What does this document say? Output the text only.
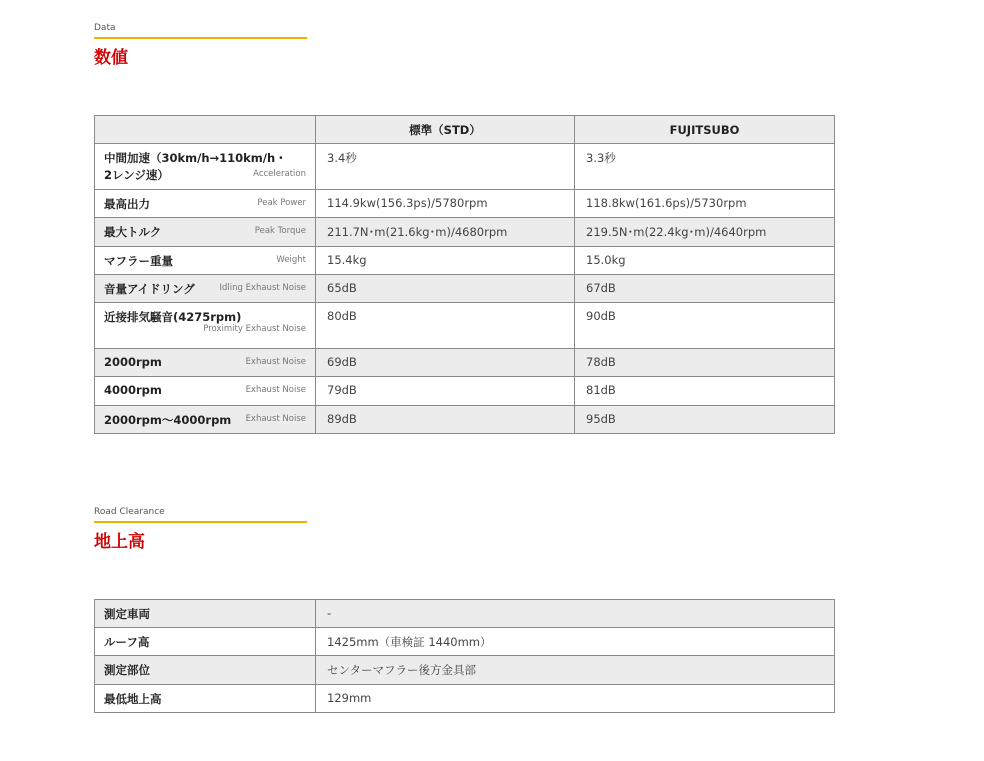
Data
数値
	標準（STD）	FUJITSUBO

中間加速（30km/h→110km/h・
2レンジ速） Acceleration	3.4秒	3.3秒
最高出力 Peak Power	114.9kw(156.3ps)/5780rpm	118.8kw(161.6ps)/5730rpm
最大トルク Peak Torque	211.7N･m(21.6kg･m)/4680rpm	219.5N･m(22.4kg･m)/4640rpm
マフラー重量 Weight	15.4kg	15.0kg
音量アイドリング Idling Exhaust Noise	65dB	67dB

近接排気騒音(4275rpm)
Proximity Exhaust Noise	80dB	90dB
2000rpm Exhaust Noise	69dB	78dB
4000rpm Exhaust Noise	79dB	81dB
2000rpm～4000rpm Exhaust Noise	89dB	95dB
Road Clearance
地上高
測定車両	-
ルーフ高	1425mm（車検証 1440mm）
測定部位	センターマフラー後方金具部
最低地上高	129mm
